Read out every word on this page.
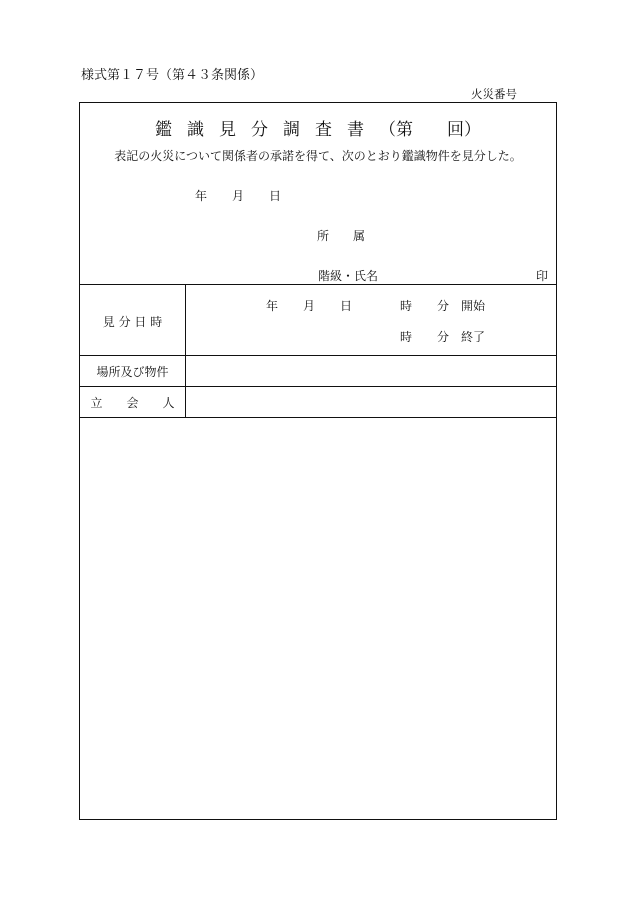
様式第１７号（第４３条関係）
火災番号
鑑識見分調査書（第 回）
表記の火災について関係者の承諾を得て、次のとおり鑑識物件を見分した。
年 月 日
所　　属
階級・氏名	印
見 分 日 時
年 月 日	時 分 開始
時 分 終了
場所及び物件
立　　会　　人
